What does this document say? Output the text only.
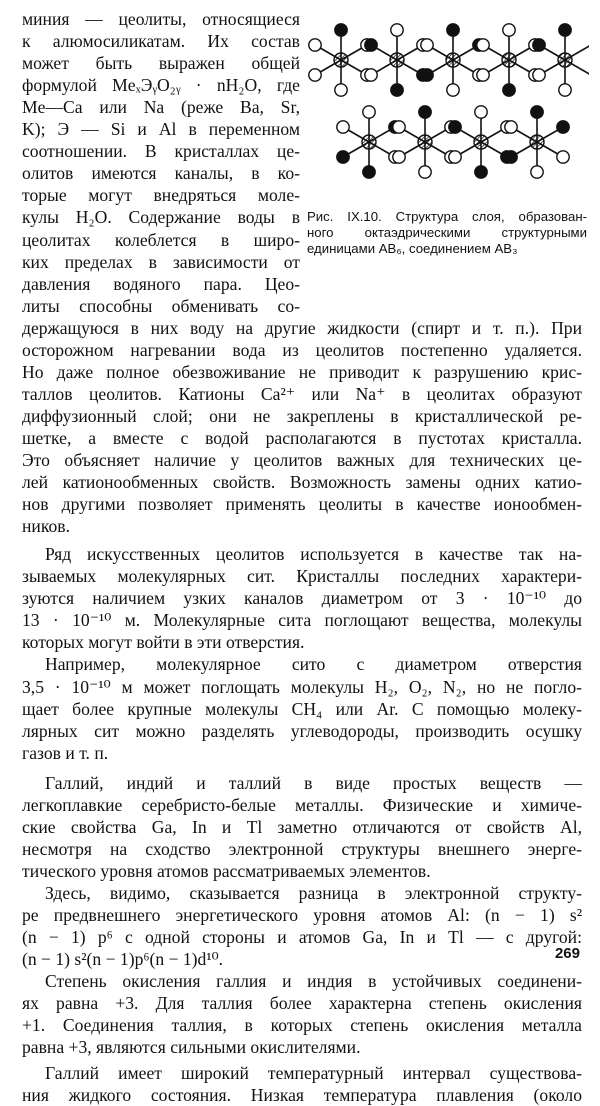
Рис. IX.10. Структура слоя, образован-
ного октаэдрическими структурными
единицами AB₆, соединением AB₃
миния — цеолиты, относящиеся
к алюмосиликатам. Их состав
может быть выражен общей
формулой MeₓЭᵧO₂ᵧ · nH₂O, где
Me—Ca или Na (реже Ba, Sr,
K); Э — Si и Al в переменном
соотношении. В кристаллах це-
олитов имеются каналы, в ко-
торые могут внедряться моле-
кулы H₂O. Содержание воды в
цеолитах колеблется в широ-
ких пределах в зависимости от
давления водяного пара. Цео-
литы способны обменивать со-
держащуюся в них воду на другие жидкости (спирт и т. п.). При
осторожном нагревании вода из цеолитов постепенно удаляется.
Но даже полное обезвоживание не приводит к разрушению крис-
таллов цеолитов. Катионы Ca²⁺ или Na⁺ в цеолитах образуют
диффузионный слой; они не закреплены в кристаллической ре-
шетке, а вместе с водой располагаются в пустотах кристалла.
Это объясняет наличие у цеолитов важных для технических це-
лей катионообменных свойств. Возможность замены одних катио-
нов другими позволяет применять цеолиты в качестве ионообмен-
ников.
Ряд искусственных цеолитов используется в качестве так на-
зываемых молекулярных сит. Кристаллы последних характери-
зуются наличием узких каналов диаметром от 3 · 10⁻¹⁰ до
13 · 10⁻¹⁰ м. Молекулярные сита поглощают вещества, молекулы
которых могут войти в эти отверстия.
Например, молекулярное сито с диаметром отверстия
3,5 · 10⁻¹⁰ м может поглощать молекулы H₂, O₂, N₂, но не погло-
щает более крупные молекулы CH₄ или Ar. С помощью молеку-
лярных сит можно разделять углеводороды, производить осушку
газов и т. п.
Галлий, индий и таллий в виде простых веществ —
легкоплавкие серебристо-белые металлы. Физические и химиче-
ские свойства Ga, In и Tl заметно отличаются от свойств Al,
несмотря на сходство электронной структуры внешнего энерге-
тического уровня атомов рассматриваемых элементов.
Здесь, видимо, сказывается разница в электронной структу-
ре предвнешнего энергетического уровня атомов Al: (n − 1) s²
(n − 1) p⁶ с одной стороны и атомов Ga, In и Tl — с другой:
(n − 1) s²(n − 1)p⁶(n − 1)d¹⁰.
Степень окисления галлия и индия в устойчивых соединени-
ях равна +3. Для таллия более характерна степень окисления
+1. Соединения таллия, в которых степень окисления металла
равна +3, являются сильными окислителями.
Галлий имеет широкий температурный интервал существова-
ния жидкого состояния. Низкая температура плавления (около
269
